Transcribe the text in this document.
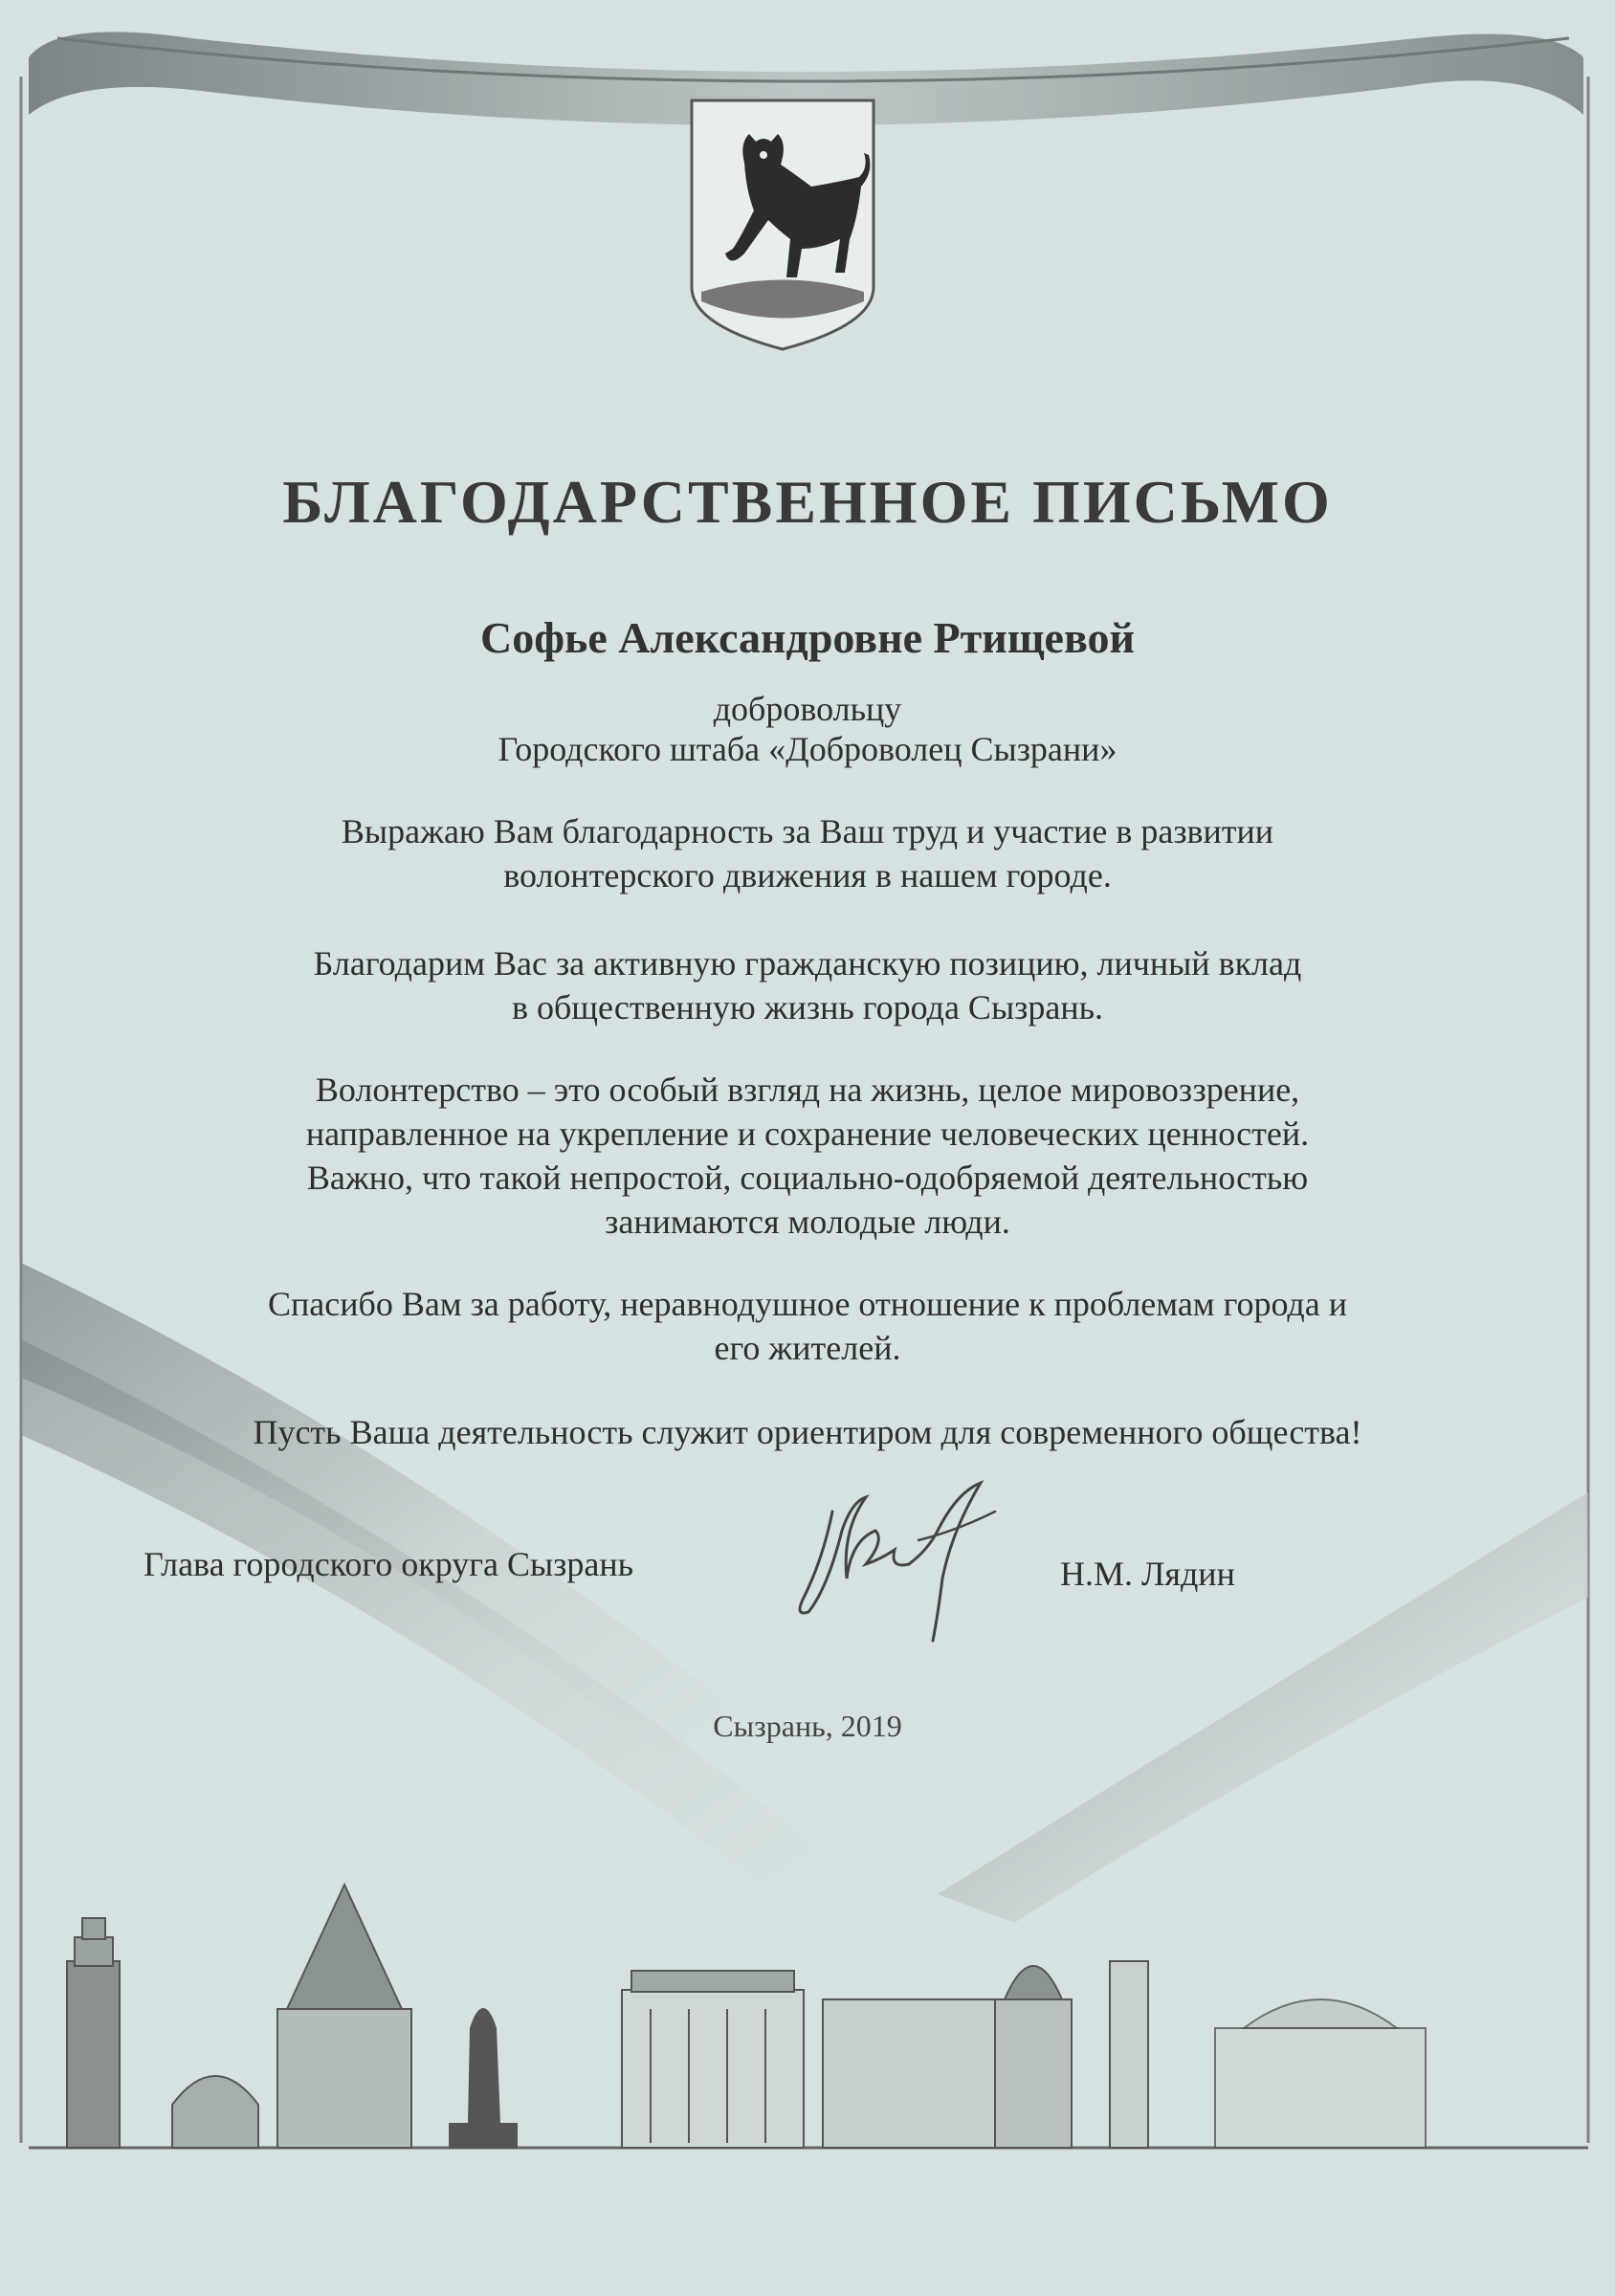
БЛАГОДАРСТВЕННОЕ ПИСЬМО
Софье Александровне Ртищевой
добровольцу
Городского штаба «Доброволец Сызрани»
Выражаю Вам благодарность за Ваш труд и участие в развитии
волонтерского движения в нашем городе.
Благодарим Вас за активную гражданскую позицию, личный вклад
в общественную жизнь города Сызрань.
Волонтерство – это особый взгляд на жизнь, целое мировоззрение,
направленное на укрепление и сохранение человеческих ценностей.
Важно, что такой непростой, социально-одобряемой деятельностью
занимаются молодые люди.
Спасибо Вам за работу, неравнодушное отношение к проблемам города и
его жителей.
Пусть Ваша деятельность служит ориентиром для современного общества!
Глава городского округа Сызрань	Н.М. Лядин
Сызрань, 2019
